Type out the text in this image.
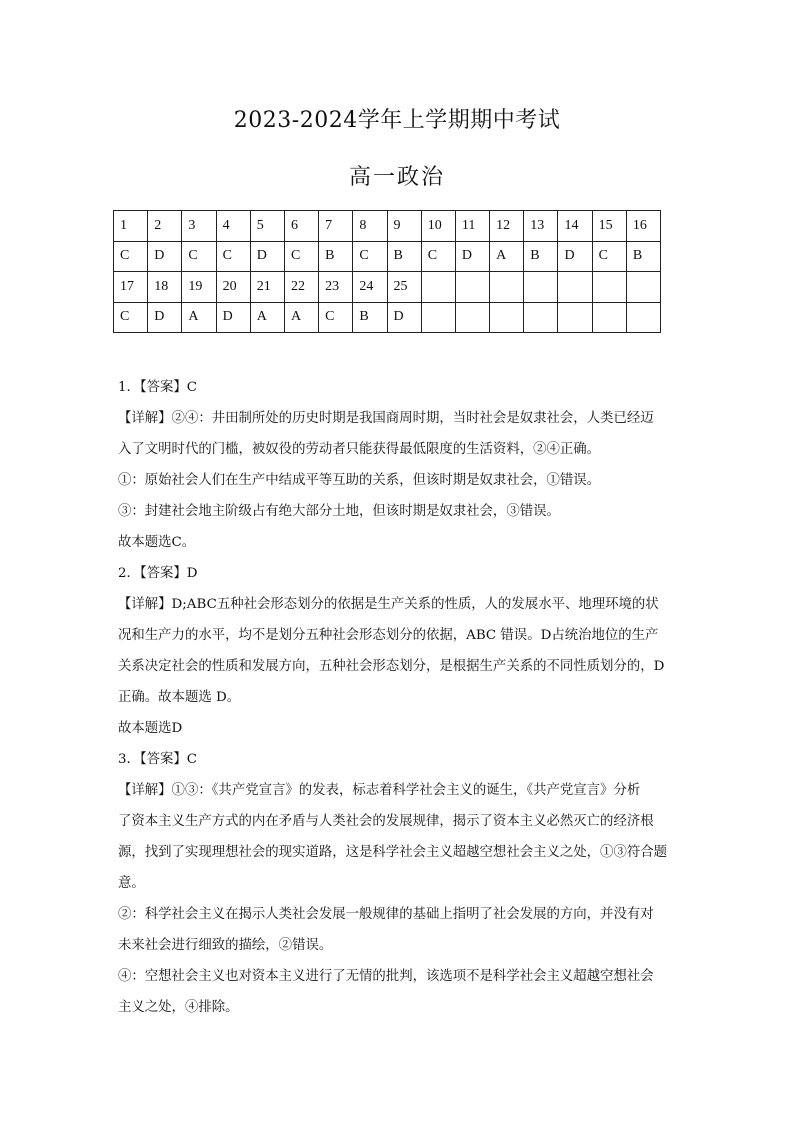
2023-2024学年上学期期中考试
高一政治
1	2	3	4	5	6	7	8	9	10	11	12	13	14	15	16
C	D	C	C	D	C	B	C	B	C	D	A	B	D	C	B
17	18	19	20	21	22	23	24	25							
C	D	A	D	A	A	C	B	D							

1．【答案】C

【详解】②④：井田制所处的历史时期是我国商周时期，当时社会是奴隶社会，人类已经迈

入了文明时代的门槛，被奴役的劳动者只能获得最低限度的生活资料，②④正确。

①：原始社会人们在生产中结成平等互助的关系，但该时期是奴隶社会，①错误。

③：封建社会地主阶级占有绝大部分土地，但该时期是奴隶社会，③错误。

故本题选C。

2．【答案】D

【详解】D;ABC五种社会形态划分的依据是生产关系的性质，人的发展水平、地理环境的状

况和生产力的水平，均不是划分五种社会形态划分的依据，ABC 错误。D占统治地位的生产

关系决定社会的性质和发展方向，五种社会形态划分，是根据生产关系的不同性质划分的，D

正确。故本题选 D。

故本题选D

3．【答案】C

【详解】①③：《共产党宣言》的发表，标志着科学社会主义的诞生，《共产党宣言》分析

了资本主义生产方式的内在矛盾与人类社会的发展规律，揭示了资本主义必然灭亡的经济根

源，找到了实现理想社会的现实道路，这是科学社会主义超越空想社会主义之处，①③符合题

意。

②：科学社会主义在揭示人类社会发展一般规律的基础上指明了社会发展的方向，并没有对

未来社会进行细致的描绘，②错误。

④：空想社会主义也对资本主义进行了无情的批判，该选项不是科学社会主义超越空想社会

主义之处，④排除。
